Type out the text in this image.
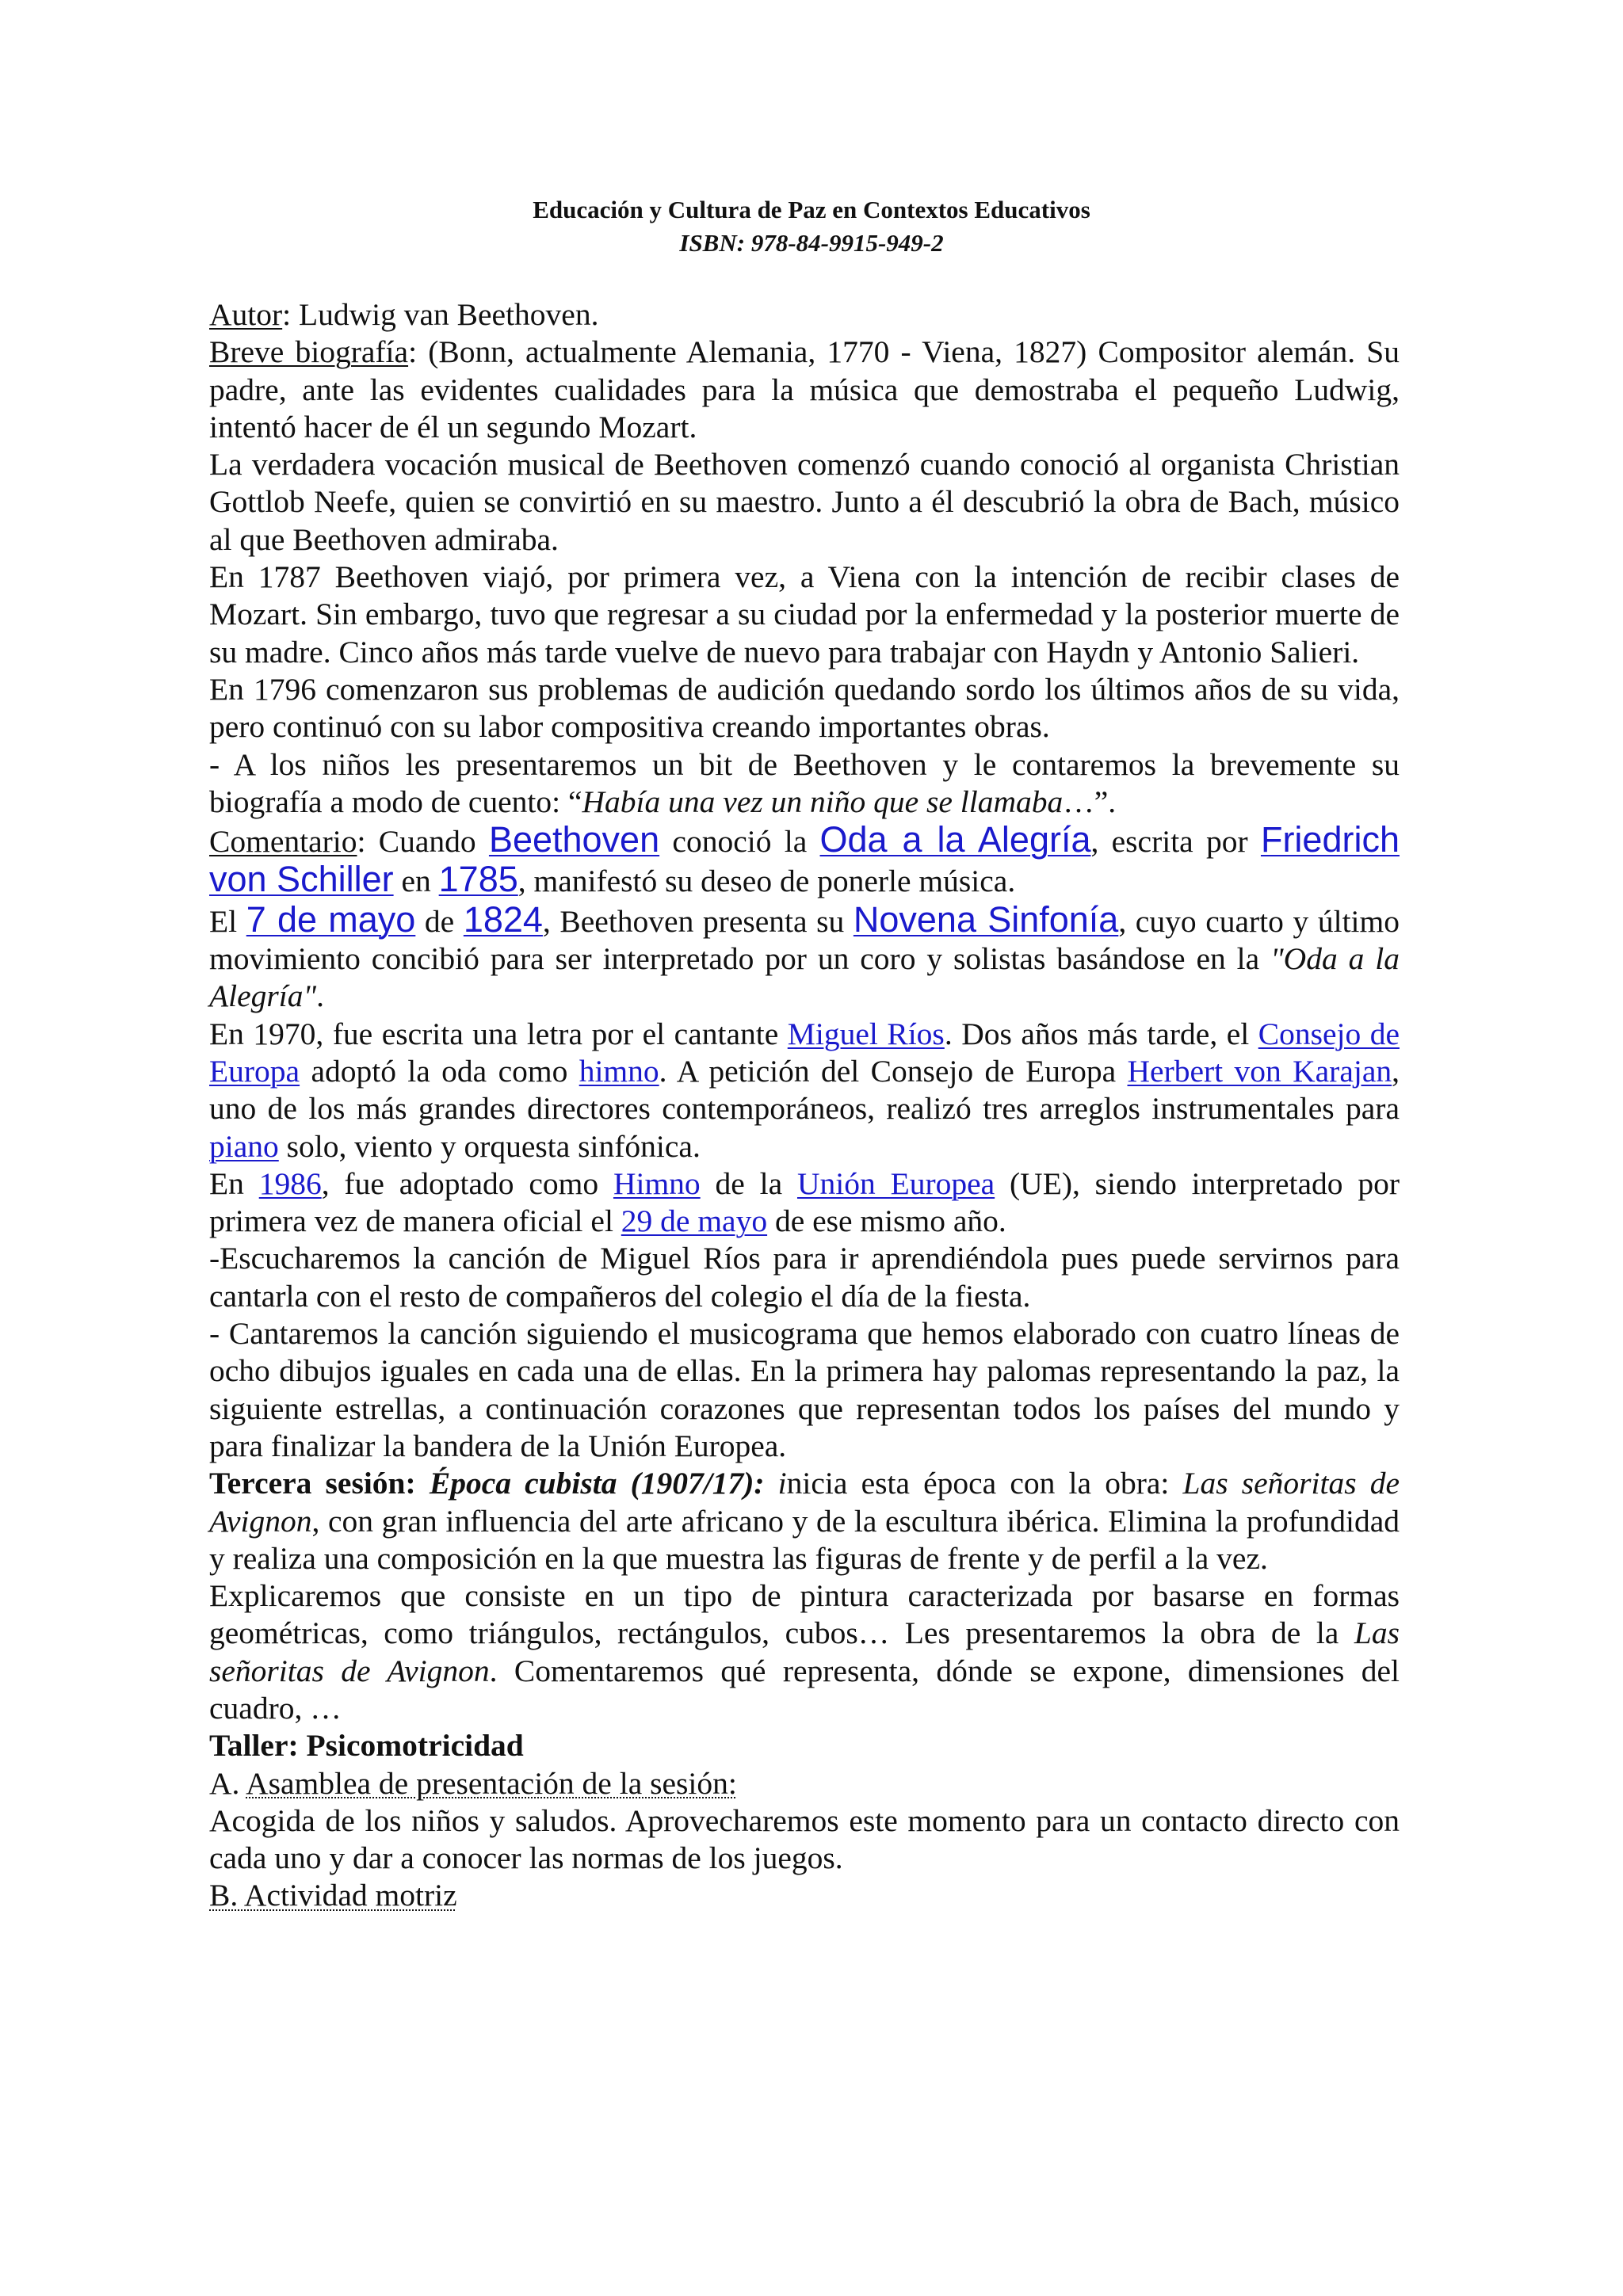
Educación y Cultura de Paz en Contextos Educativos
ISBN: 978-84-9915-949-2

Autor: Ludwig van Beethoven.

Breve biografía: (Bonn, actualmente Alemania, 1770 - Viena, 1827) Compositor alemán. Su padre, ante las evidentes cualidades para la música que demostraba el pequeño Ludwig, intentó hacer de él un segundo Mozart.

La verdadera vocación musical de Beethoven comenzó cuando conoció al organista Christian Gottlob Neefe, quien se convirtió en su maestro. Junto a él descubrió la obra de Bach, músico al que Beethoven admiraba.

En 1787 Beethoven viajó, por primera vez, a Viena con la intención de recibir clases de Mozart. Sin embargo, tuvo que regresar a su ciudad por la enfermedad y la posterior muerte de su madre. Cinco años más tarde vuelve de nuevo para trabajar con Haydn y Antonio Salieri.

En 1796 comenzaron sus problemas de audición quedando sordo los últimos años de su vida, pero continuó con su labor compositiva creando importantes obras.

- A los niños les presentaremos un bit de Beethoven y le contaremos la brevemente su biografía a modo de cuento: “Había una vez un niño que se llamaba…”.

Comentario: Cuando Beethoven conoció la Oda a la Alegría, escrita por Friedrich von Schiller en 1785, manifestó su deseo de ponerle música.

El 7 de mayo de 1824, Beethoven presenta su Novena Sinfonía, cuyo cuarto y último movimiento concibió para ser interpretado por un coro y solistas basándose en la "Oda a la Alegría".

En 1970, fue escrita una letra por el cantante Miguel Ríos. Dos años más tarde, el Consejo de Europa adoptó la oda como himno. A petición del Consejo de Europa Herbert von Karajan, uno de los más grandes directores contemporáneos, realizó tres arreglos instrumentales para piano solo, viento y orquesta sinfónica.

En 1986, fue adoptado como Himno de la Unión Europea (UE), siendo interpretado por primera vez de manera oficial el 29 de mayo de ese mismo año.

-Escucharemos la canción de Miguel Ríos para ir aprendiéndola pues puede servirnos para cantarla con el resto de compañeros del colegio el día de la fiesta.

- Cantaremos la canción siguiendo el musicograma que hemos elaborado con cuatro líneas de ocho dibujos iguales en cada una de ellas. En la primera hay palomas representando la paz, la siguiente estrellas, a continuación corazones que representan todos los países del mundo y para finalizar la bandera de la Unión Europea.

Tercera sesión: Época cubista (1907/17): inicia esta época con la obra: Las señoritas de Avignon, con gran influencia del arte africano y de la escultura ibérica. Elimina la profundidad y realiza una composición en la que muestra las figuras de frente y de perfil a la vez.

Explicaremos que consiste en un tipo de pintura caracterizada por basarse en formas geométricas, como triángulos, rectángulos, cubos… Les presentaremos la obra de la Las señoritas de Avignon. Comentaremos qué representa, dónde se expone, dimensiones del cuadro, …

Taller: Psicomotricidad

A. Asamblea de presentación de la sesión:

Acogida de los niños y saludos. Aprovecharemos este momento para un contacto directo con cada uno y dar a conocer las normas de los juegos.

B. Actividad motriz
